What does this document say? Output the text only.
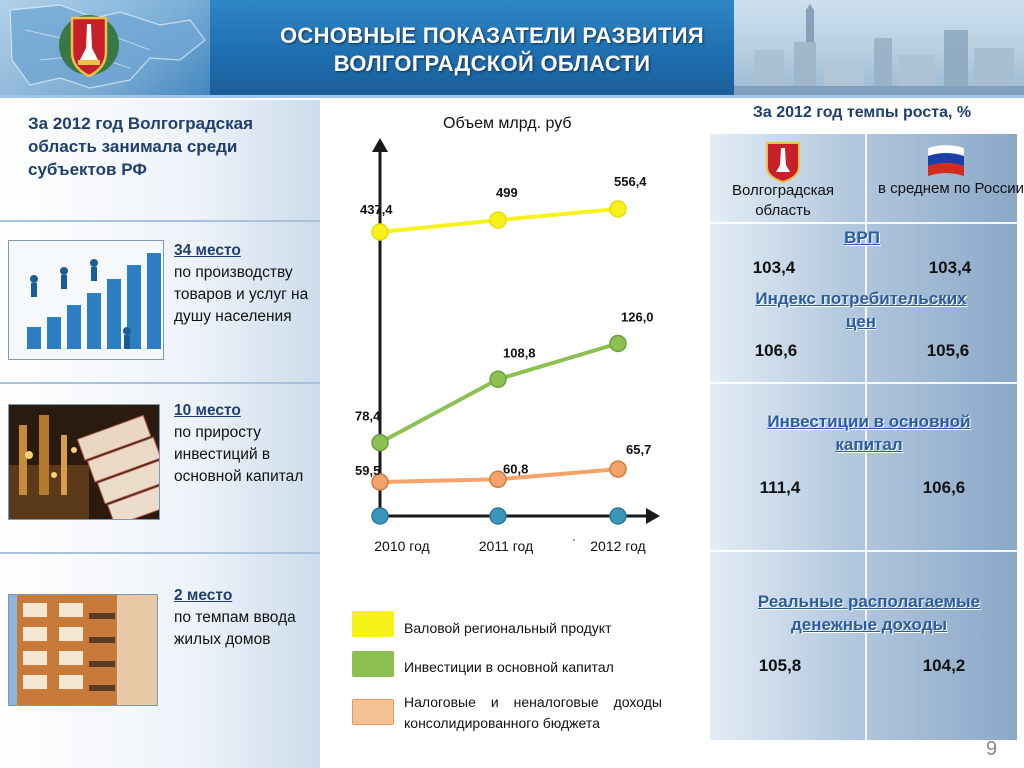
ОСНОВНЫЕ ПОКАЗАТЕЛИ РАЗВИТИЯ
ВОЛГОГРАДСКОЙ ОБЛАСТИ
За 2012 год Волгоградская область занимала среди субъектов РФ
34 место
по производству товаров и услуг на душу населения
10 место
по приросту инвестиций в основной капитал
2 место
по темпам ввода жилых домов
Объем млрд. руб
437,4
499
556,4
78,4
108,8
126,0
59,5	60,8
65,7
2010 год	2011 год	2012 год
·
Валовой региональный продукт
Инвестиции в основной капитал
Налоговые и неналоговые доходы консолидированного бюджета
За 2012 год темпы роста, %
Волгоградская область
в среднем по России
ВРП
103,4	103,4
Индекс потребительских цен
106,6	105,6
Инвестиции в основной капитал
111,4	106,6
Реальные располагаемые денежные доходы
105,8	104,2
9
